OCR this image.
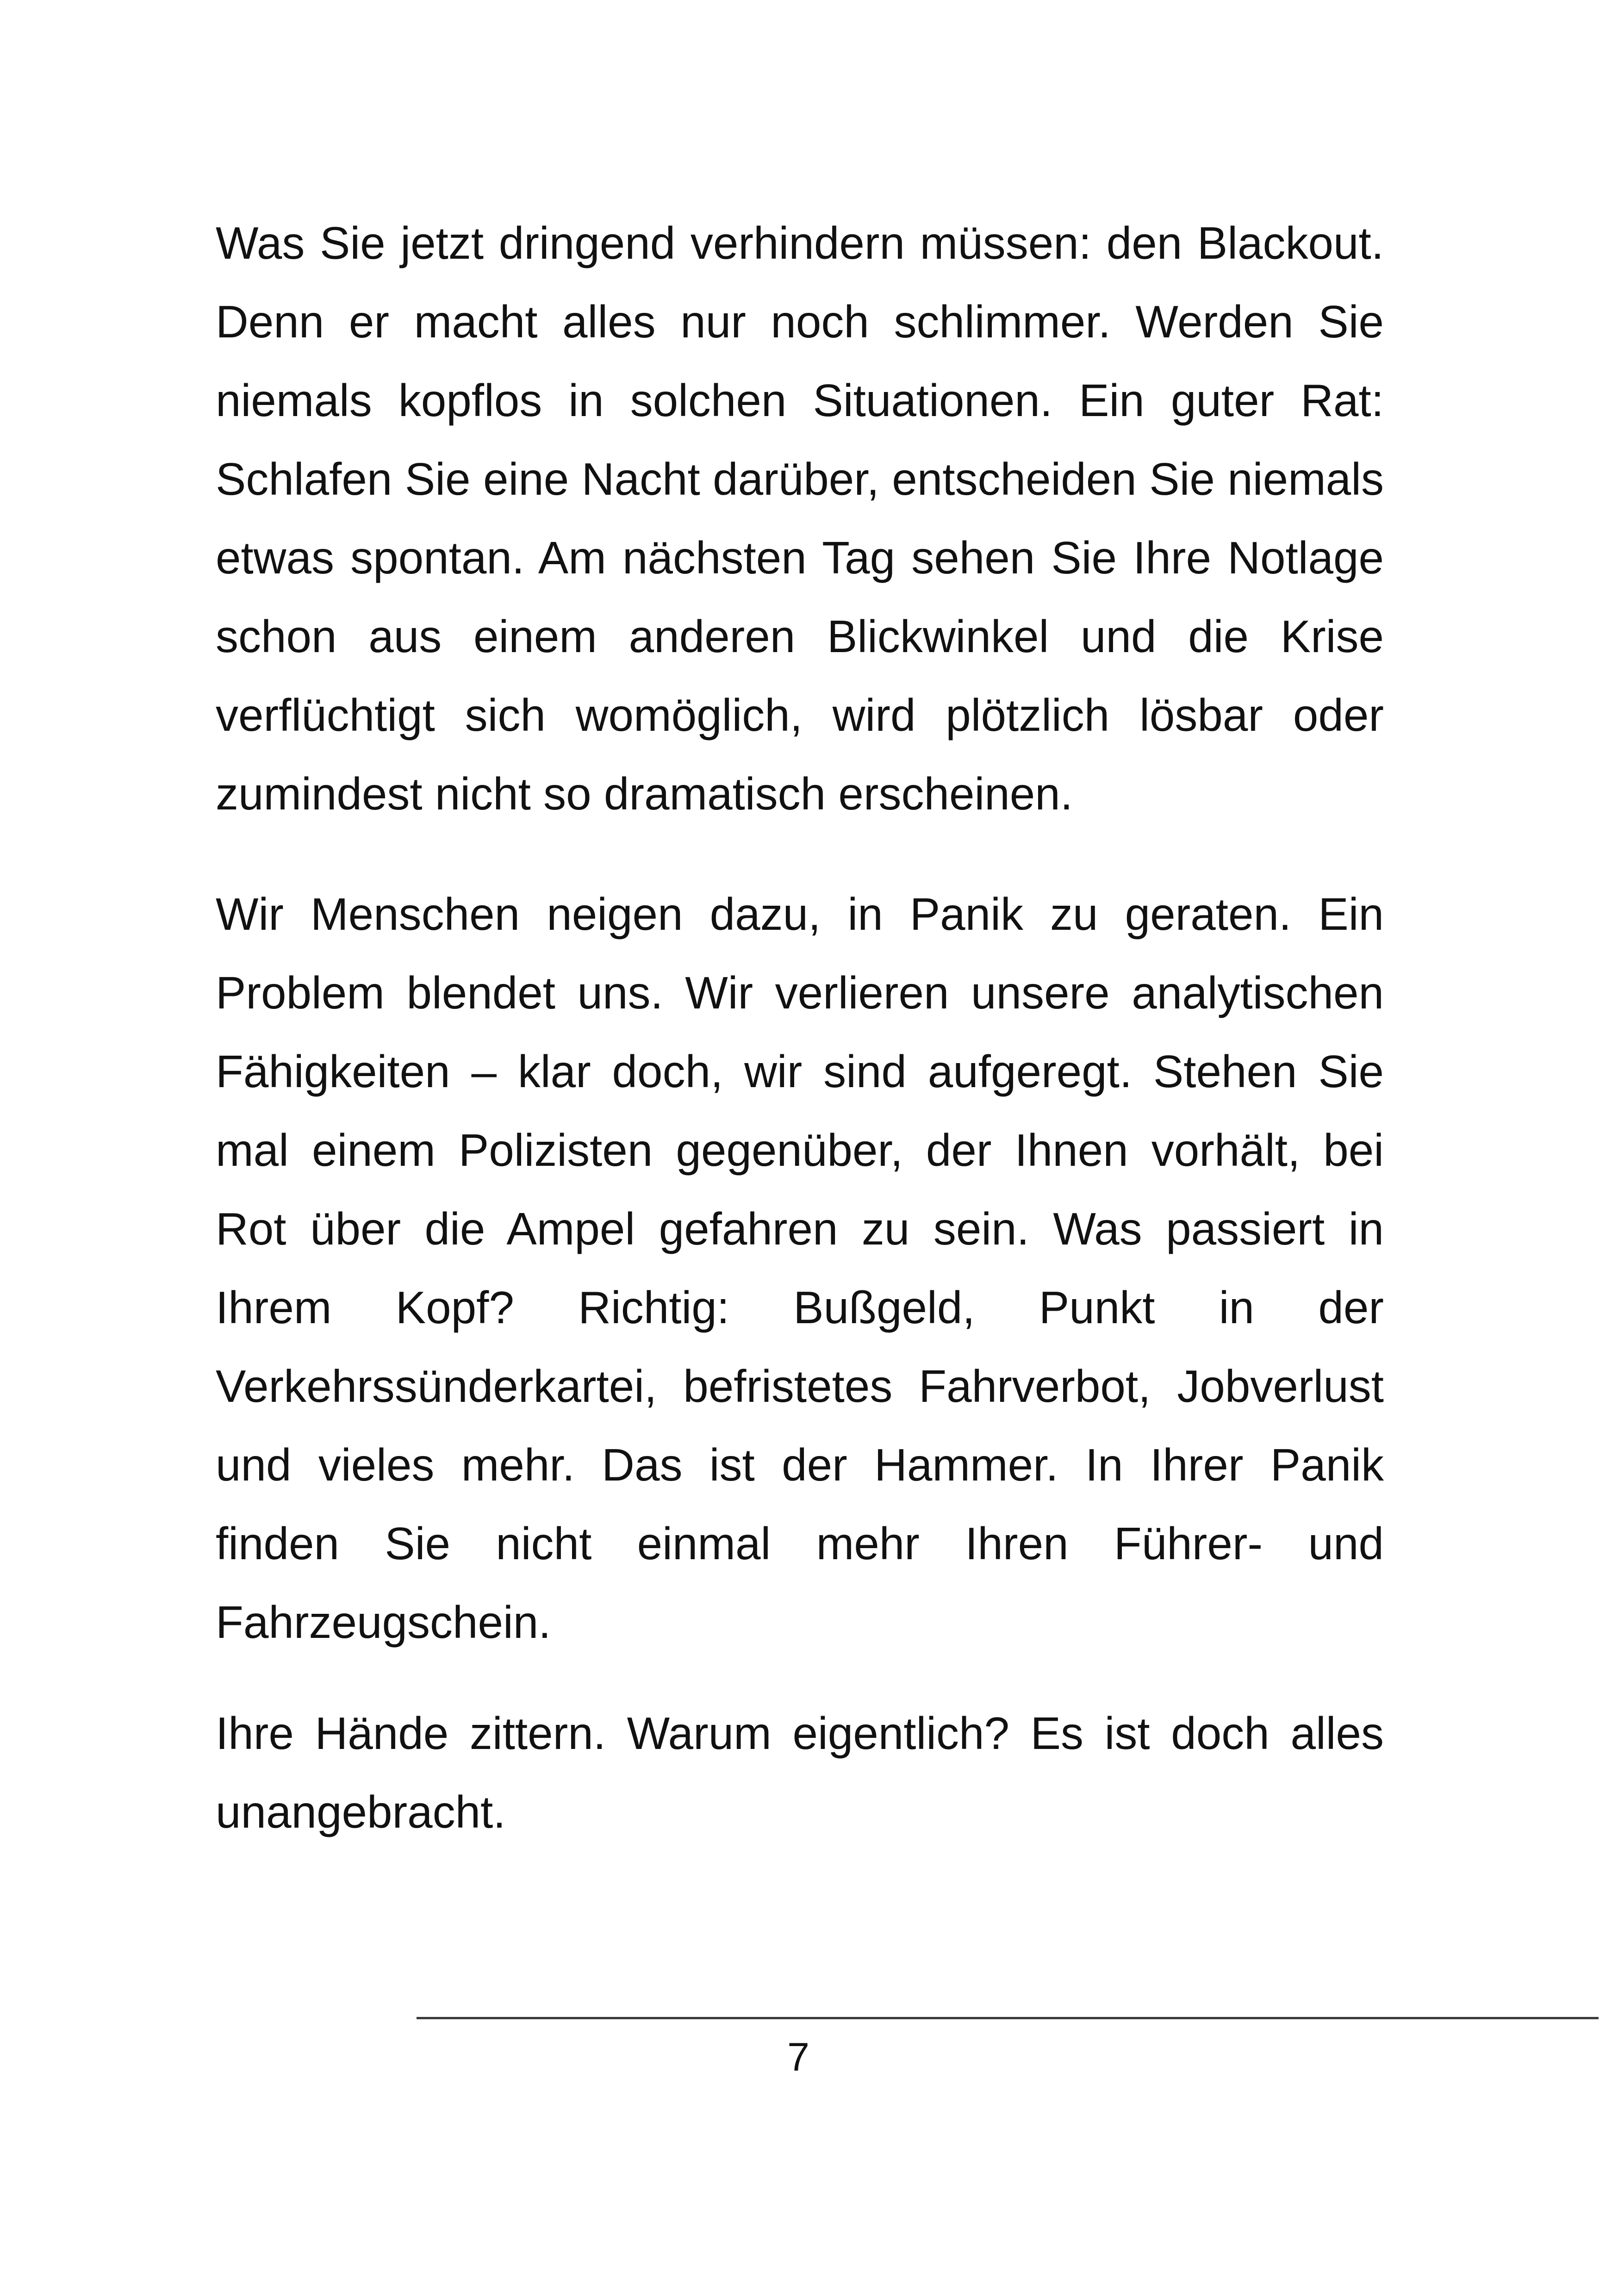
Was Sie jetzt dringend verhindern müssen: den Blackout. Denn er macht alles nur noch schlimmer. Werden Sie niemals kopflos in solchen Situationen. Ein guter Rat: Schlafen Sie eine Nacht darüber, entscheiden Sie niemals etwas spontan. Am nächsten Tag sehen Sie Ihre Notlage schon aus einem anderen Blickwinkel und die Krise verflüchtigt sich womöglich, wird plötzlich lösbar oder zumindest nicht so dramatisch erscheinen.

Wir Menschen neigen dazu, in Panik zu geraten. Ein Problem blendet uns. Wir verlieren unsere analytischen Fähigkeiten – klar doch, wir sind aufgeregt. Stehen Sie mal einem Polizisten gegenüber, der Ihnen vorhält, bei Rot über die Ampel gefahren zu sein. Was passiert in Ihrem Kopf? Richtig: Bußgeld, Punkt in der Verkehrssünderkartei, befristetes Fahrverbot, Jobverlust und vieles mehr. Das ist der Hammer. In Ihrer Panik finden Sie nicht einmal mehr Ihren Führer- und Fahrzeugschein.

Ihre Hände zittern. Warum eigentlich? Es ist doch alles unangebracht.

7
